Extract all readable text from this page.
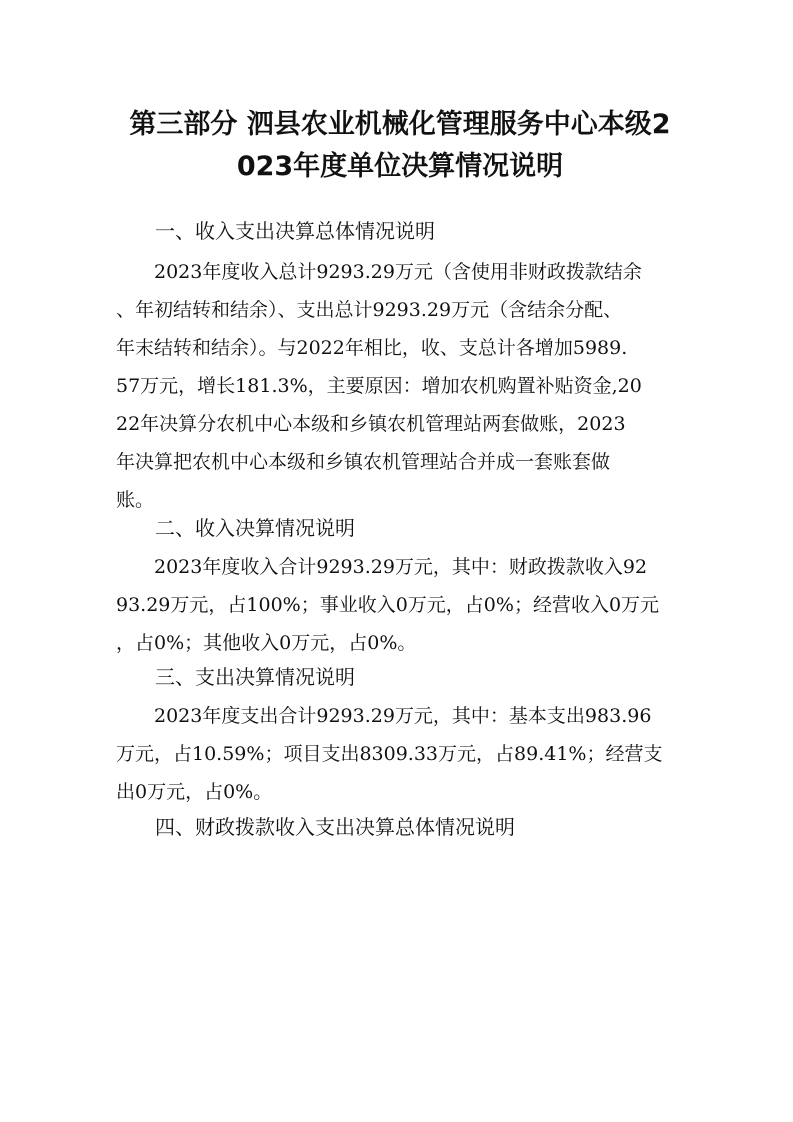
第三部分 泗县农业机械化管理服务中心本级2
023年度单位决算情况说明
一、收入支出决算总体情况说明
2023年度收入总计9293.29万元（含使用非财政拨款结余
、年初结转和结余）、支出总计9293.29万元（含结余分配、
年末结转和结余）。与2022年相比，收、支总计各增加5989.
57万元，增长181.3%，主要原因：增加农机购置补贴资金,20
22年决算分农机中心本级和乡镇农机管理站两套做账，2023
年决算把农机中心本级和乡镇农机管理站合并成一套账套做
账。
二、收入决算情况说明
2023年度收入合计9293.29万元，其中：财政拨款收入92
93.29万元，占100%；事业收入0万元，占0%；经营收入0万元
，占0%；其他收入0万元，占0%。
三、支出决算情况说明
2023年度支出合计9293.29万元，其中：基本支出983.96
万元，占10.59%；项目支出8309.33万元，占89.41%；经营支
出0万元，占0%。
四、财政拨款收入支出决算总体情况说明
